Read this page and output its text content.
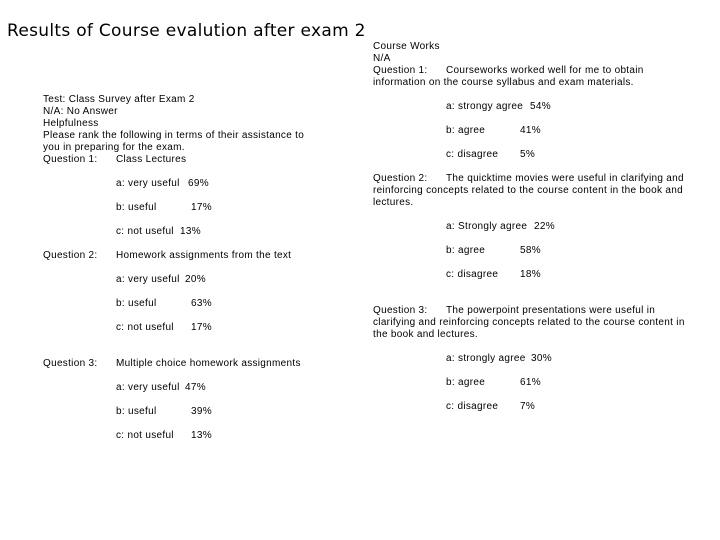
Results of Course evalution after exam 2
Test: Class Survey after Exam 2
N/A: No Answer
Helpfulness
Please rank the following in terms of their assistance to
you in preparing for the exam.
Question 1: Class Lectures
a: very useful 69%
b: useful	17%
c: not useful 13%
Question 2: Homework assignments from the text
a: very useful 20%
b: useful	63%
c: not useful 17%
Question 3: Multiple choice homework assignments
a: very useful 47%
b: useful	39%
c: not useful 13%
Course Works
N/A
Question 1: Courseworks worked well for me to obtain
information on the course syllabus and exam materials.
a: strongy agree 54%
b: agree	41%
c: disagree 5%
Question 2: The quicktime movies were useful in clarifying and
reinforcing concepts related to the course content in the book and lectures.
a: Strongly agree 22%
b: agree	58%
c: disagree 18%
Question 3: The powerpoint presentations were useful in
clarifying and reinforcing concepts related to the course content in the book and lectures.
a: strongly agree 30%
b: agree	61%
c: disagree 7%
